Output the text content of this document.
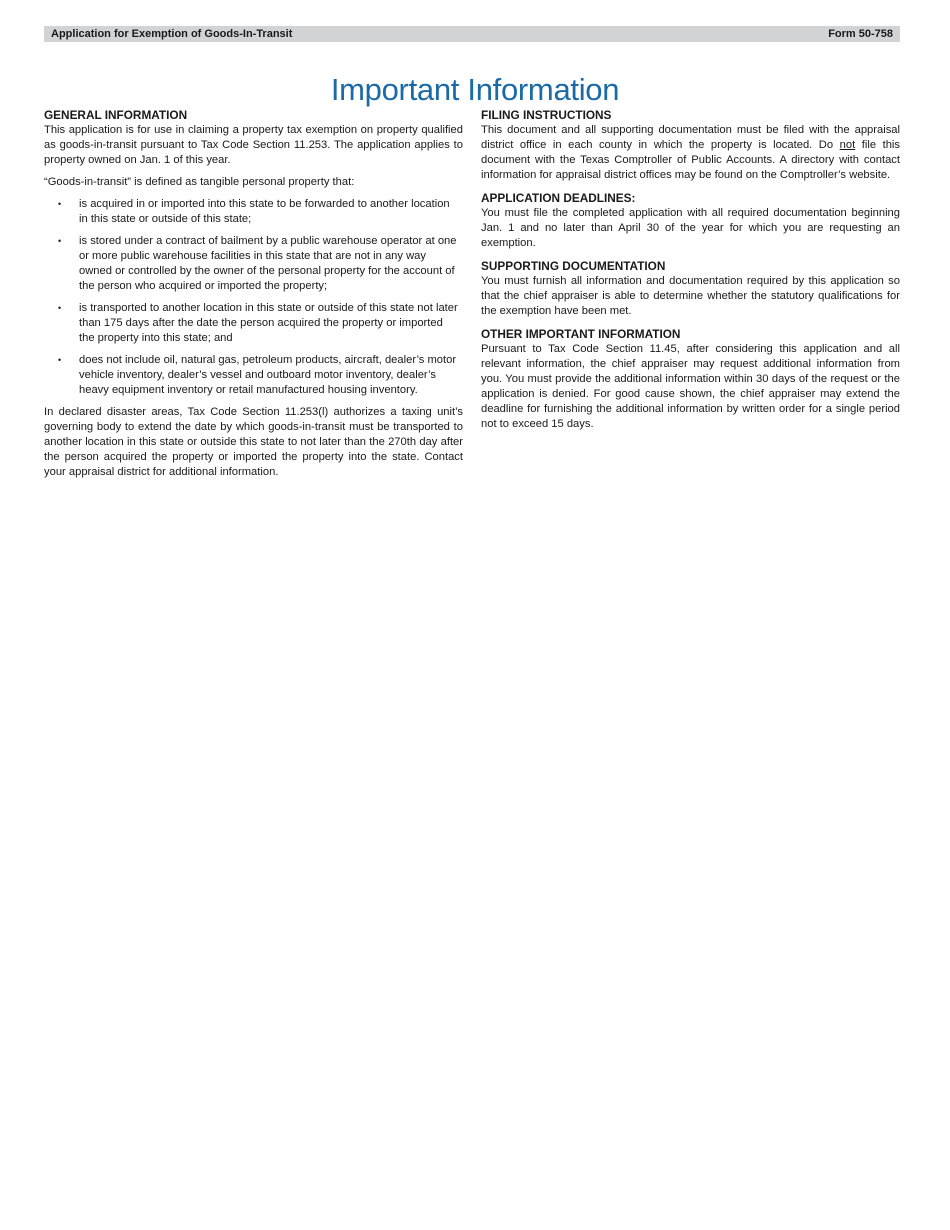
Application for Exemption of Goods-In-Transit	Form 50-758
Important Information
GENERAL INFORMATION

This application is for use in claiming a property tax exemption on property qualified as goods-in-transit pursuant to Tax Code Section 11.253. The application applies to property owned on Jan. 1 of this year.

“Goods-in-transit” is defined as tangible personal property that:

•	is acquired in or imported into this state to be forwarded to another location in this state or outside of this state;
•	is stored under a contract of bailment by a public warehouse operator at one or more public warehouse facilities in this state that are not in any way owned or controlled by the owner of the personal property for the account of the person who acquired or imported the property;
•	is transported to another location in this state or outside of this state not later than 175 days after the date the person acquired the property or imported the property into this state; and
•	does not include oil, natural gas, petroleum products, aircraft, dealer’s motor vehicle inventory, dealer’s vessel and outboard motor inventory, dealer’s heavy equipment inventory or retail manufactured housing inventory.

In declared disaster areas, Tax Code Section 11.253(l) authorizes a taxing unit’s governing body to extend the date by which goods-in-transit must be transported to another location in this state or outside this state to not later than the 270th day after the person acquired the property or imported the property into the state. Contact your appraisal district for additional information.

FILING INSTRUCTIONS

This document and all supporting documentation must be filed with the appraisal district office in each county in which the property is located. Do not file this document with the Texas Comptroller of Public Accounts. A directory with contact information for appraisal district offices may be found on the Comptroller’s website.

APPLICATION DEADLINES:

You must file the completed application with all required documentation beginning Jan. 1 and no later than April 30 of the year for which you are requesting an exemption.

SUPPORTING DOCUMENTATION

You must furnish all information and documentation required by this application so that the chief appraiser is able to determine whether the statutory qualifications for the exemption have been met.

OTHER IMPORTANT INFORMATION

Pursuant to Tax Code Section 11.45, after considering this application and all relevant information, the chief appraiser may request additional information from you. You must provide the additional information within 30 days of the request or the application is denied. For good cause shown, the chief appraiser may extend the deadline for furnishing the additional information by written order for a single period not to exceed 15 days.
